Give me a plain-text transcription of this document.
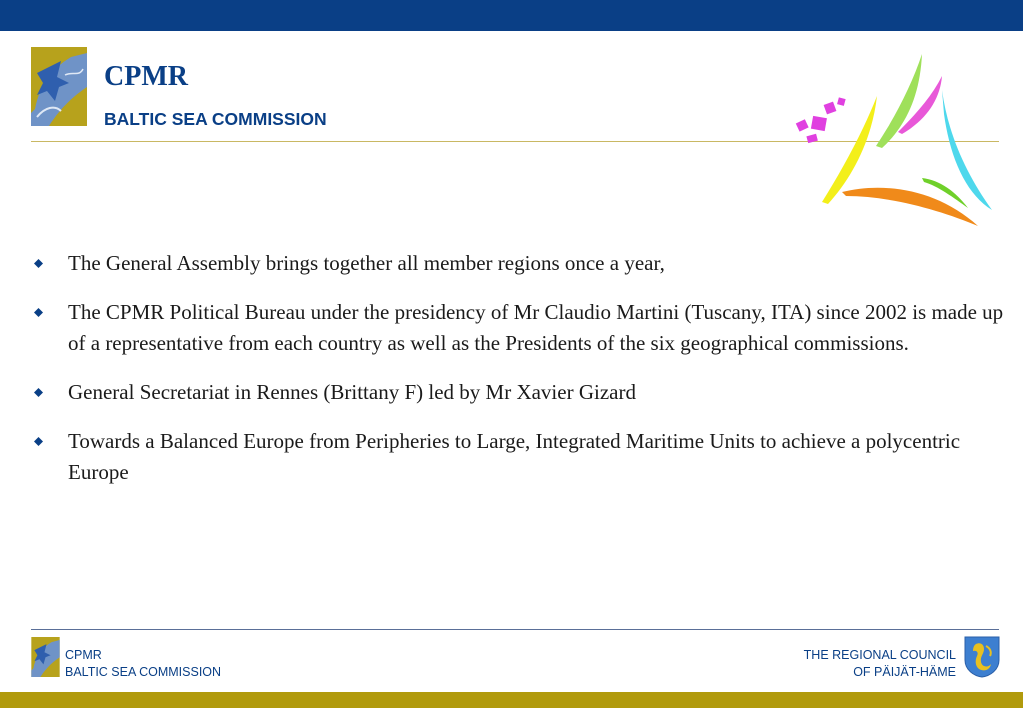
CPMR
BALTIC SEA COMMISSION
The General Assembly brings together all member regions once a year,
The CPMR Political Bureau under the presidency of Mr Claudio Martini (Tuscany, ITA) since 2002 is made up of a representative from each country as well as the Presidents of the six geographical commissions.
General Secretariat in Rennes (Brittany F) led by Mr Xavier Gizard
Towards a Balanced Europe from Peripheries to Large, Integrated Maritime Units to achieve a polycentric Europe
CPMR
BALTIC SEA COMMISSION
THE REGIONAL COUNCIL
OF PÄIJÄT-HÄME
